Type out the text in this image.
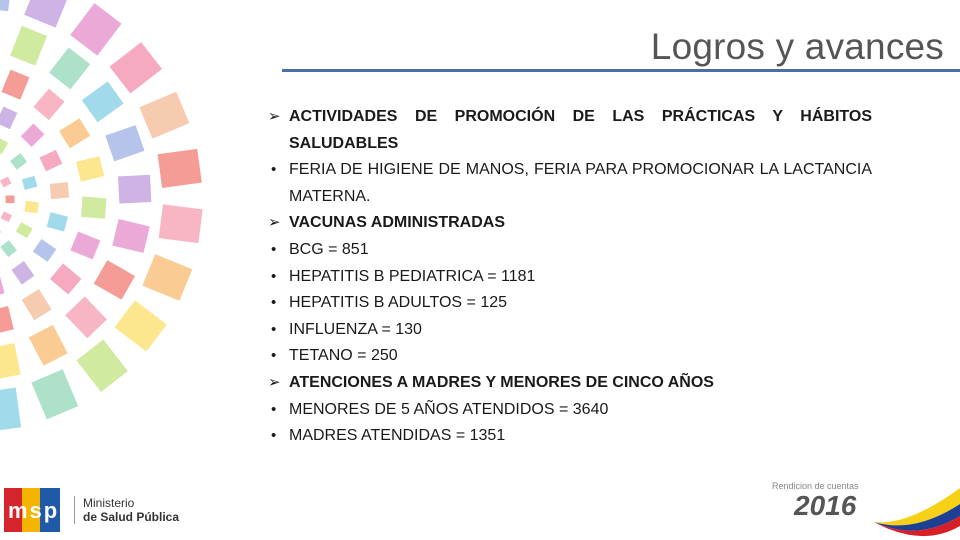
Logros y avances
➢ ACTIVIDADES DE PROMOCIÓN DE LAS PRÁCTICAS Y HÁBITOS SALUDABLES
• FERIA DE HIGIENE DE MANOS, FERIA PARA PROMOCIONAR LA LACTANCIA MATERNA.
➢ VACUNAS ADMINISTRADAS
• BCG = 851
• HEPATITIS B PEDIATRICA = 1181
• HEPATITIS B ADULTOS = 125
• INFLUENZA = 130
• TETANO = 250
➢ ATENCIONES A MADRES Y MENORES DE CINCO AÑOS
• MENORES DE 5 AÑOS ATENDIDOS = 3640
• MADRES ATENDIDAS = 1351
msp Ministerio
de Salud Pública
Rendicion de cuentas
2016
